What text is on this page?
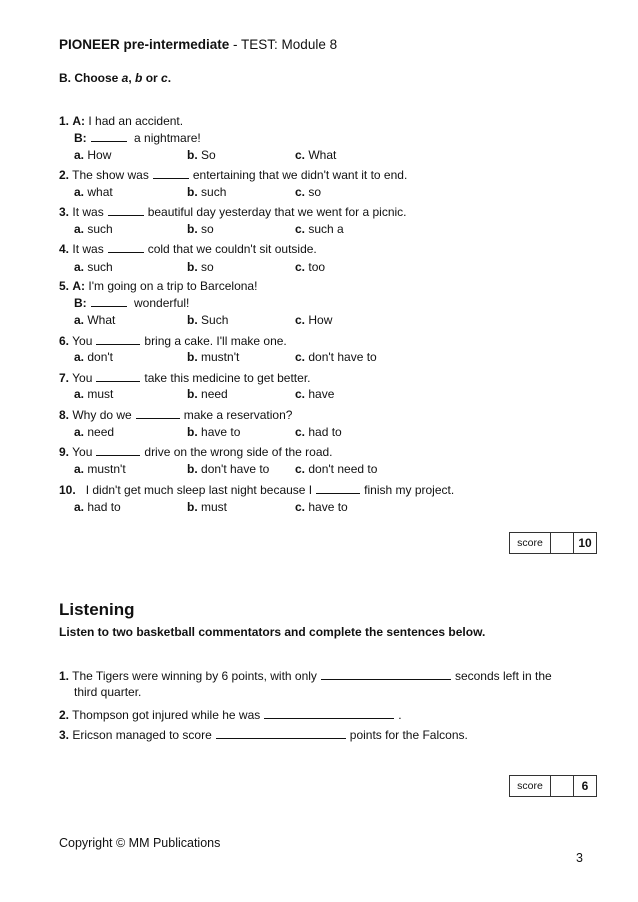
PIONEER pre-intermediate - TEST: Module 8
B. Choose a, b or c.
1. A: I had an accident.
B:	a nightmare!
a. How	b. So	c. What
2. The show was	entertaining that we didn't want it to end.
a. what	b. such	c. so
3. It was	beautiful day yesterday that we went for a picnic.
a. such	b. so	c. such a
4. It was	cold that we couldn't sit outside.
a. such	b. so	c. too
5. A: I'm going on a trip to Barcelona!
B:	wonderful!
a. What	b. Such	c. How
6. You	bring a cake. I'll make one.
a. don't	b. mustn't	c. don't have to
7. You	take this medicine to get better.
a. must	b. need	c. have
8. Why do we	make a reservation?
a. need	b. have to	c. had to
9. You	drive on the wrong side of the road.
a. mustn't	b. don't have to c. don't need to
10. I didn't get much sleep last night because I	finish my project.
a. had to	b. must	c. have to
score	10
Listening
Listen to two basketball commentators and complete the sentences below.
1. The Tigers were winning by 6 points, with only	seconds left in the
third quarter.
2. Thompson got injured while he was	.
3. Ericson managed to score	points for the Falcons.
score	6
Copyright © MM Publications
3
